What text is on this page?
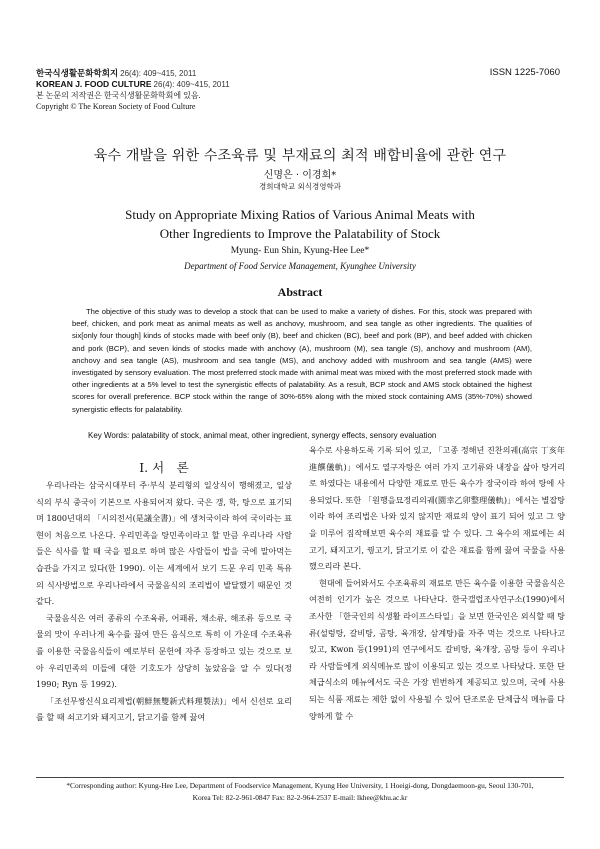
한국식생활문화학회지 26(4): 409~415, 2011
KOREAN J. FOOD CULTURE 26(4): 409~415, 2011
본 논문의 저작권은 한국식생활문화학회에 있음.
Copyright © The Korean Society of Food Culture
ISSN 1225-7060
육수 개발을 위한 수조육류 및 부재료의 최적 배합비율에 관한 연구
신명은 · 이경희*
경희대학교 외식경영학과
Study on Appropriate Mixing Ratios of Various Animal Meats with
Other Ingredients to Improve the Palatability of Stock
Myung- Eun Shin, Kyung-Hee Lee*
Department of Food Service Management, Kyunghee University
Abstract

The objective of this study was to develop a stock that can be used to make a variety of dishes. For this, stock was prepared with beef, chicken, and pork meat as animal meats as well as anchovy, mushroom, and sea tangle as other ingredients. The qualities of six[only four though] kinds of stocks made with beef only (B), beef and chicken (BC), beef and pork (BP), and beef added with chicken and pork (BCP), and seven kinds of stocks made with anchovy (A), mushroom (M), sea tangle (S), anchovy and mushroom (AM), anchovy and sea tangle (AS), mushroom and sea tangle (MS), and anchovy added with mushroom and sea tangle (AMS) were investigated by sensory evaluation. The most preferred stock made with animal meat was mixed with the most preferred stock made with other ingredients at a 5% level to test the synergistic effects of palatability. As a result, BCP stock and AMS stock obtained the highest scores for overall preference. BCP stock within the range of 30%-65% along with the mixed stock containing AMS (35%-70%) showed synergistic effects for palatability.

Key Words: palatability of stock, animal meat, other ingredient, synergy effects, sensory evaluation
Ⅰ. 서　론

우리나라는 삼국시대부터 주·부식 분리형의 일상식이 행해졌고, 일상식의 부식 중국이 기본으로 사용되어져 왔다. 국은 갱, 학, 탕으로 표기되며 1800년대의 「시의전서(是議全書)」에 생처국이라 하여 국이라는 표현이 처음으로 나온다. 우리민족을 탕민족이라고 할 만큼 우리나라 사람들은 식사를 할 때 국을 필요로 하며 많은 사람들이 밥을 국에 말아먹는 습관을 가지고 있다(한 1990). 이는 세계에서 보기 드문 우리 민족 특유의 식사방법으로 우리나라에서 국물음식의 조리법이 발달했기 때문인 것 같다.

국물음식은 여러 종류의 수조육류, 어패류, 채소류, 해조류 등으로 국물의 맛이 우러나게 육수를 끓여 만든 음식으로 특히 이 가운데 수조육류를 이용한 국물음식들이 예로부터 문헌에 자주 등장하고 있는 것으로 보아 우리민족의 미들에 대한 기호도가 상당히 높았음을 알 수 있다(정 1990; Ryn 등 1992).

「조선무쌍신식요리제법(朝鮮無雙新式料理製法)」에서 신선로 요리를 할 때 쇠고기와 돼지고기, 닭고기를 함께 끓여

육수로 사용하도록 기록 되어 있고, 「고종 정해년 진찬의궤(高宗 丁亥年 進饌儀軌)」에서도 열구자탕은 여러 가지 고기류와 내장을 삶아 탕거리로 하였다는 내용에서 다양한 재료로 만든 육수가 장국이라 하여 탕에 사용되었다. 또한 「원행을묘정리의궤(園幸乙卯整理儀軌)」에서는 별잡탕이라 하여 조리법은 나와 있지 않지만 재료의 양이 표기 되어 있고 그 양을 미루어 짐작해보면 육수의 재료를 알 수 있다. 그 육수의 재료에는 쇠고기, 돼지고기, 꿩고기, 닭고기로 이 같은 재료를 함께 끓여 국물을 사용 했으리라 본다.

현대에 들어와서도 수조육류의 재료로 만든 육수를 이용한 국물음식은 여전히 인기가 높은 것으로 나타난다. 한국갤럽조사연구소(1990)에서 조사한 「한국인의 식생활 라이프스타일」을 보면 한국인은 외식할 때 탕류(설렁탕, 갈비탕, 곰탕, 육개장, 삼계탕)를 자주 먹는 것으로 나타나고 있고, Kwon 등(1991)의 연구에서도 갈비탕, 육개장, 곰탕 등이 우리나라 사람들에게 외식메뉴로 많이 이용되고 있는 것으로 나타났다. 또한 단체급식소의 메뉴에서도 국은 가장 빈번하게 제공되고 있으며, 국에 사용되는 식품 재료는 제한 없이 사용될 수 있어 단조로운 단체급식 메뉴를 다양하게 할 수

*Corresponding author: Kyung-Hee Lee, Department of Foodservice Management, Kyung Hee University, 1 Hoeigi-dong, Dongdaemoon-gu, Seoul 130-701,
Korea Tel: 82-2-961-0847 Fax: 82-2-964-2537 E-mail: lkhee@khu.ac.kr
